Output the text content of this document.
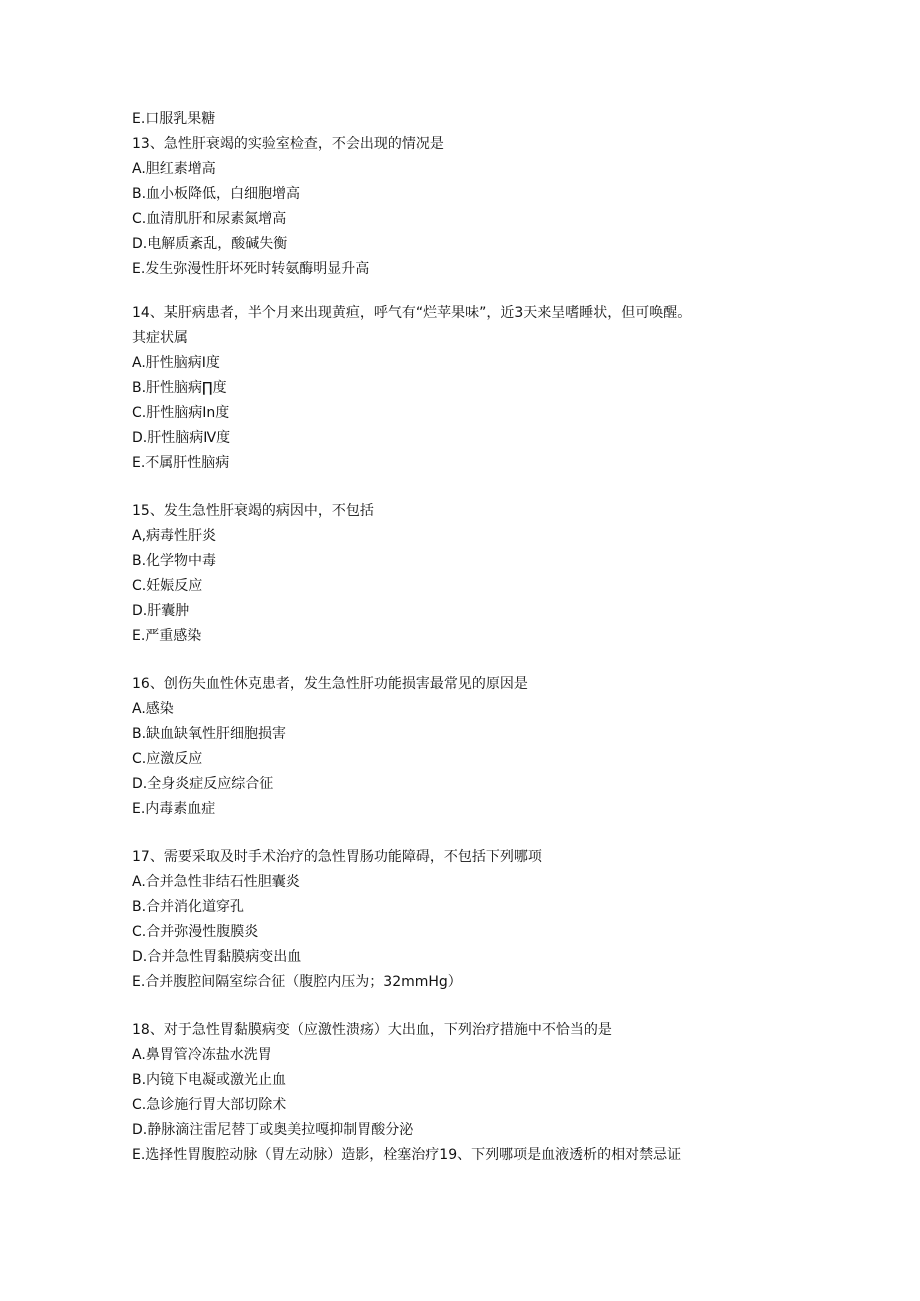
E.口服乳果糖
13、急性肝衰竭的实验室检查，不会出现的情况是
A.胆红素增高
B.血小板降低，白细胞增高
C.血清肌肝和尿素氮增高
D.电解质紊乱，酸碱失衡
E.发生弥漫性肝坏死时转氨酶明显升高
14、某肝病患者，半个月来出现黄疸，呼气有“烂苹果味”，近3天来呈嗜睡状，但可唤醒。
其症状属
A.肝性脑病Ⅰ度
B.肝性脑病∏度
C.肝性脑病In度
D.肝性脑病Ⅳ度
E.不属肝性脑病
15、发生急性肝衰竭的病因中，不包括
A,病毒性肝炎
B.化学物中毒
C.妊娠反应
D.肝囊肿
E.严重感染
16、创伤失血性休克患者，发生急性肝功能损害最常见的原因是
A.感染
B.缺血缺氧性肝细胞损害
C.应激反应
D.全身炎症反应综合征
E.内毒素血症
17、需要采取及时手术治疗的急性胃肠功能障碍，不包括下列哪项
A.合并急性非结石性胆囊炎
B.合并消化道穿孔
C.合并弥漫性腹膜炎
D.合并急性胃黏膜病变出血
E.合并腹腔间隔室综合征（腹腔内压为；32mmHg）
18、对于急性胃黏膜病变（应激性溃疡）大出血，下列治疗措施中不恰当的是
A.鼻胃管冷冻盐水洗胃
B.内镜下电凝或激光止血
C.急诊施行胃大部切除术
D.静脉滴注雷尼替丁或奥美拉嘎抑制胃酸分泌
E.选择性胃腹腔动脉（胃左动脉）造影，栓塞治疗19、下列哪项是血液透析的相对禁忌证
